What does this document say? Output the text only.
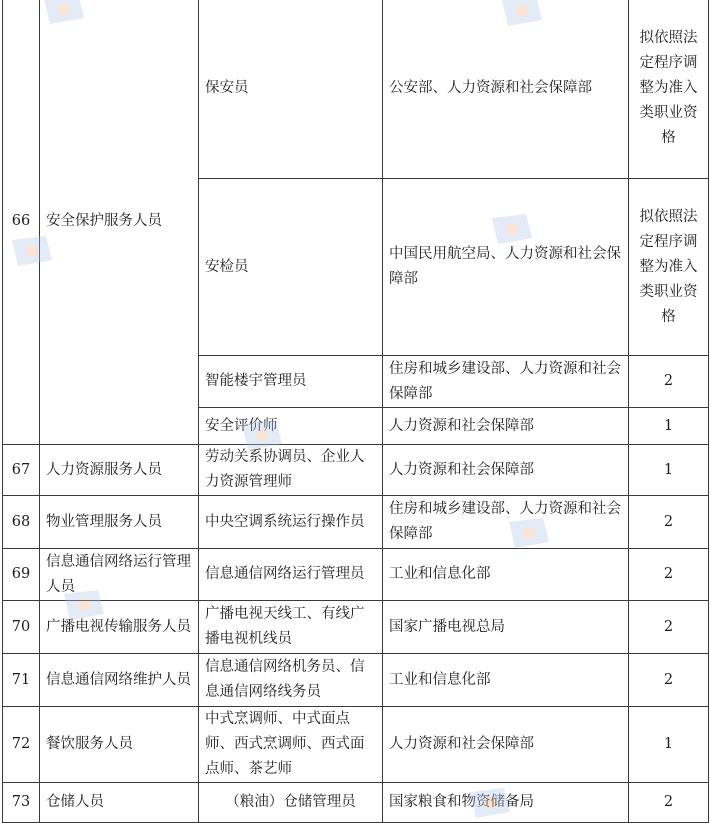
66	安全保护服务人员	保安员	公安部、人力资源和社会保障部	拟依照法定程序调整为准入类职业资格
		安检员	中国民用航空局、人力资源和社会保障部	拟依照法定程序调整为准入类职业资格
		智能楼宇管理员	住房和城乡建设部、人力资源和社会保障部	2
		安全评价师	人力资源和社会保障部	1
67	人力资源服务人员	劳动关系协调员、企业人力资源管理师	人力资源和社会保障部	1
68	物业管理服务人员	中央空调系统运行操作员	住房和城乡建设部、人力资源和社会保障部	2
69	信息通信网络运行管理人员	信息通信网络运行管理员	工业和信息化部	2
70	广播电视传输服务人员	广播电视天线工、有线广播电视机线员	国家广播电视总局	2
71	信息通信网络维护人员	信息通信网络机务员、信息通信网络线务员	工业和信息化部	2
72	餐饮服务人员	中式烹调师、中式面点师、西式烹调师、西式面点师、茶艺师	人力资源和社会保障部	1
73	仓储人员	（粮油）仓储管理员	国家粮食和物资储备局	2
